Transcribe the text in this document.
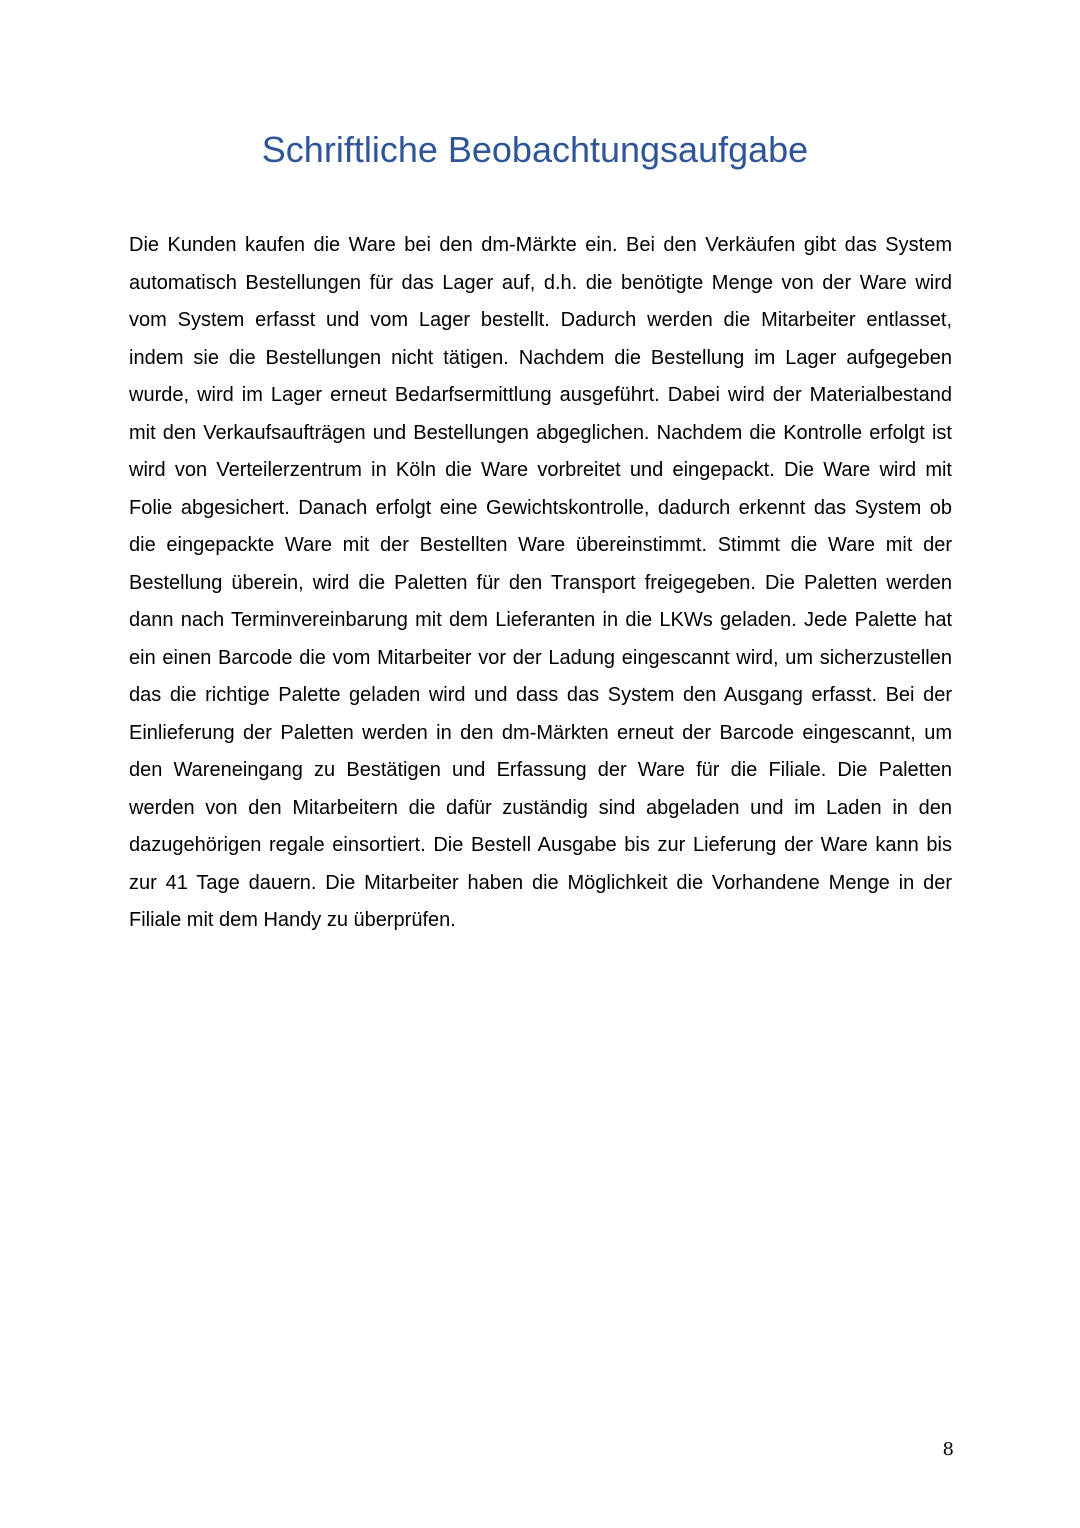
Schriftliche Beobachtungsaufgabe

Die Kunden kaufen die Ware bei den dm-Märkte ein. Bei den Verkäufen gibt das System automatisch Bestellungen für das Lager auf, d.h. die benötigte Menge von der Ware wird vom System erfasst und vom Lager bestellt. Dadurch werden die Mitarbeiter entlasset, indem sie die Bestellungen nicht tätigen. Nachdem die Bestellung im Lager aufgegeben wurde, wird im Lager erneut Bedarfsermittlung ausgeführt. Dabei wird der Materialbestand mit den Verkaufsaufträgen und Bestellungen abgeglichen. Nachdem die Kontrolle erfolgt ist wird von Verteilerzentrum in Köln die Ware vorbreitet und eingepackt. Die Ware wird mit Folie abgesichert. Danach erfolgt eine Gewichtskontrolle, dadurch erkennt das System ob die eingepackte Ware mit der Bestellten Ware übereinstimmt. Stimmt die Ware mit der Bestellung überein, wird die Paletten für den Transport freigegeben. Die Paletten werden dann nach Terminvereinbarung mit dem Lieferanten in die LKWs geladen. Jede Palette hat ein einen Barcode die vom Mitarbeiter vor der Ladung eingescannt wird, um sicherzustellen das die richtige Palette geladen wird und dass das System den Ausgang erfasst. Bei der Einlieferung der Paletten werden in den dm-Märkten erneut der Barcode eingescannt, um den Wareneingang zu Bestätigen und Erfassung der Ware für die Filiale. Die Paletten werden von den Mitarbeitern die dafür zuständig sind abgeladen und im Laden in den dazugehörigen regale einsortiert. Die Bestell Ausgabe bis zur Lieferung der Ware kann bis zur 41 Tage dauern. Die Mitarbeiter haben die Möglichkeit die Vorhandene Menge in der Filiale mit dem Handy zu überprüfen.

8
